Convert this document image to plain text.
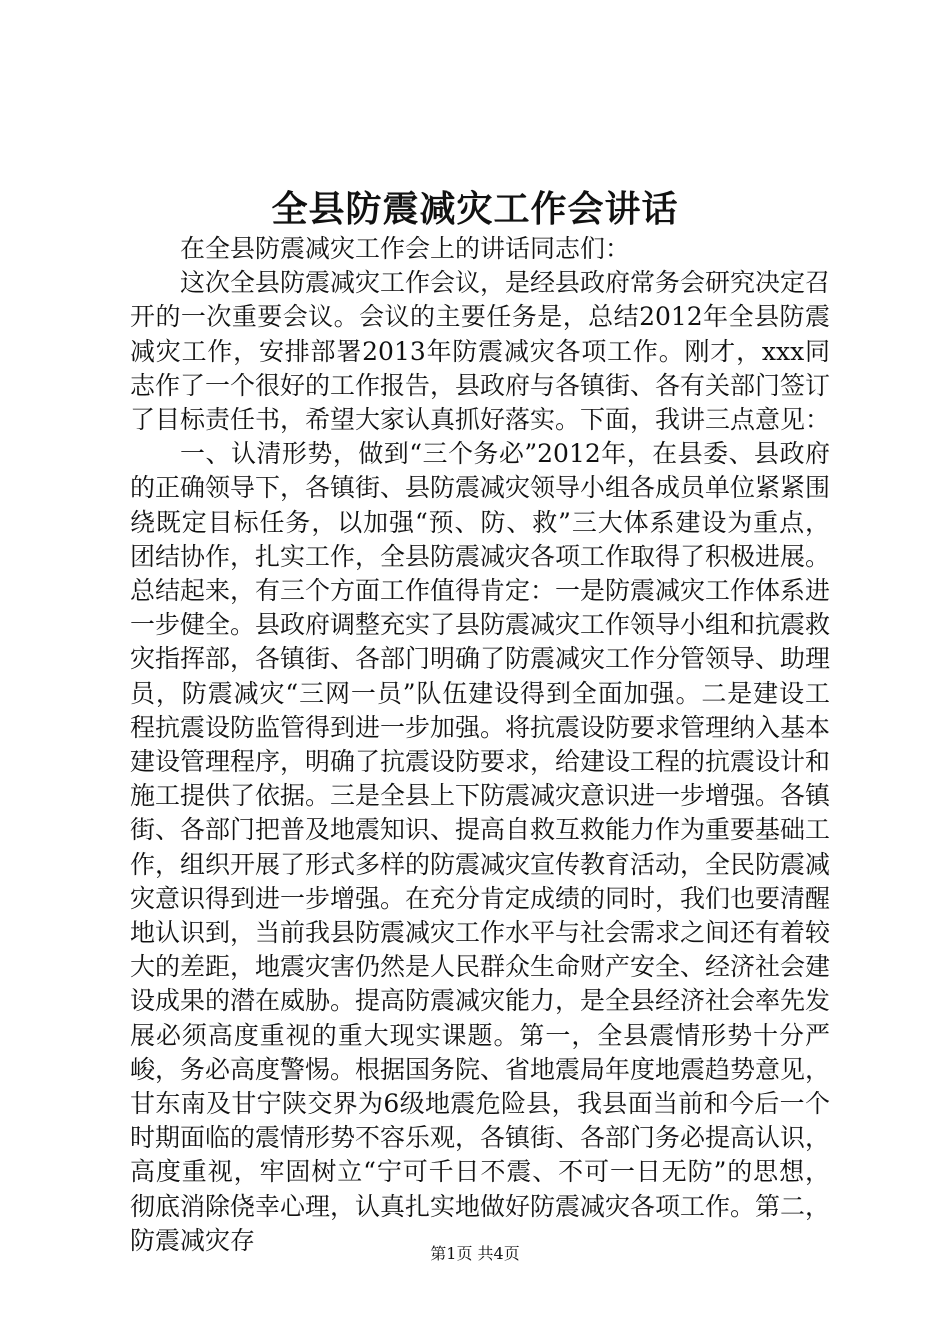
全县防震减灾工作会讲话

在全县防震减灾工作会上的讲话同志们：

这次全县防震减灾工作会议，是经县政府常务会研究决定召开的一次重要会议。会议的主要任务是，总结2012年全县防震减灾工作，安排部署2013年防震减灾各项工作。刚才，xxx同志作了一个很好的工作报告，县政府与各镇街、各有关部门签订了目标责任书，希望大家认真抓好落实。下面，我讲三点意见：

一、认清形势，做到“三个务必”2012年，在县委、县政府的正确领导下，各镇街、县防震减灾领导小组各成员单位紧紧围绕既定目标任务，以加强“预、防、救”三大体系建设为重点，团结协作，扎实工作，全县防震减灾各项工作取得了积极进展。总结起来，有三个方面工作值得肯定：一是防震减灾工作体系进一步健全。县政府调整充实了县防震减灾工作领导小组和抗震救灾指挥部，各镇街、各部门明确了防震减灾工作分管领导、助理员，防震减灾“三网一员”队伍建设得到全面加强。二是建设工程抗震设防监管得到进一步加强。将抗震设防要求管理纳入基本建设管理程序，明确了抗震设防要求，给建设工程的抗震设计和施工提供了依据。三是全县上下防震减灾意识进一步增强。各镇街、各部门把普及地震知识、提高自救互救能力作为重要基础工作，组织开展了形式多样的防震减灾宣传教育活动，全民防震减灾意识得到进一步增强。在充分肯定成绩的同时，我们也要清醒地认识到，当前我县防震减灾工作水平与社会需求之间还有着较大的差距，地震灾害仍然是人民群众生命财产安全、经济社会建设成果的潜在威胁。提高防震减灾能力，是全县经济社会率先发展必须高度重视的重大现实课题。第一，全县震情形势十分严峻，务必高度警惕。根据国务院、省地震局年度地震趋势意见，甘东南及甘宁陕交界为6级地震危险县，我县面当前和今后一个时期面临的震情形势不容乐观，各镇街、各部门务必提高认识，高度重视，牢固树立“宁可千日不震、不可一日无防”的思想，彻底消除侥幸心理，认真扎实地做好防震减灾各项工作。第二，防震减灾存	第1页 共4页
